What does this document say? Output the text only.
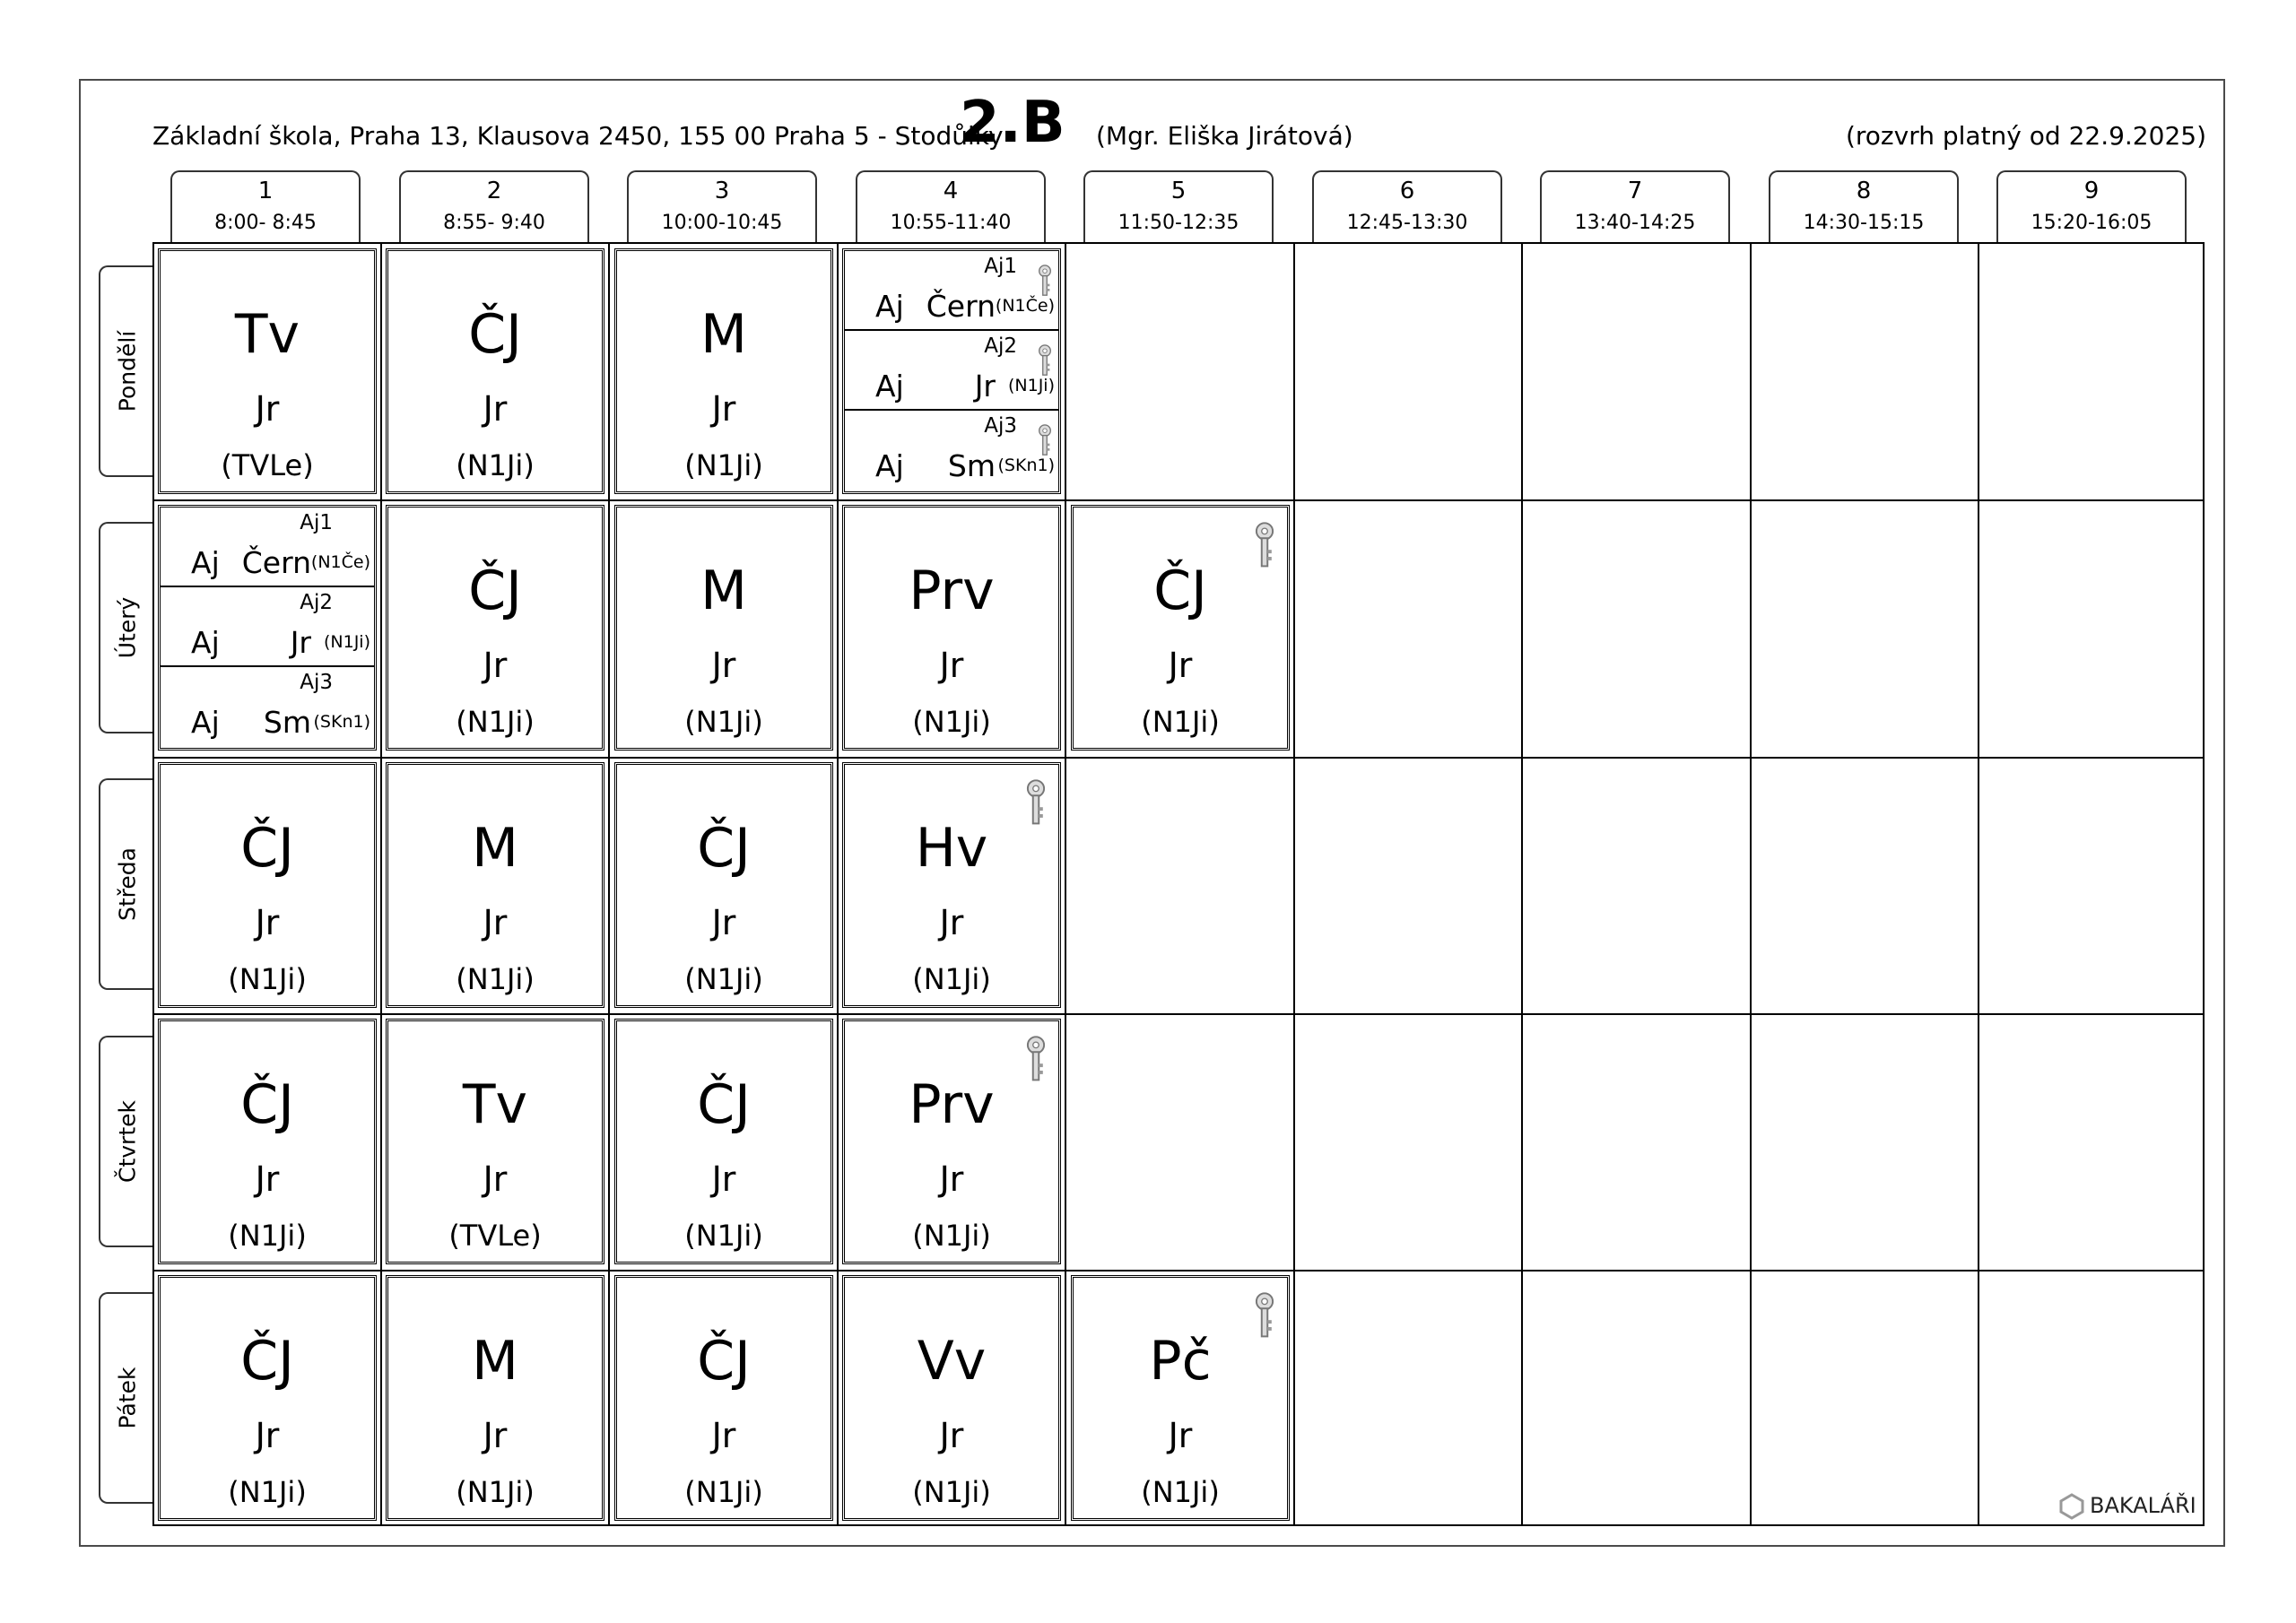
Základní škola, Praha 13, Klausova 2450, 155 00 Praha 5 - Stodůlky
2.B (Mgr. Eliška Jirátová)	(rozvrh platný od 22.9.2025)
1
8:00- 8:45
2
8:55- 9:40
3
10:00-10:45
4
10:55-11:40
5
11:50-12:35
6
12:45-13:30
7
13:40-14:25
8
14:30-15:15
9
15:20-16:05
Pondělí
Úterý
Středa
Čtvrtek
Pátek
Tv
Jr
(TVLe)
ČJ
Jr
(N1Ji)
M
Jr
(N1Ji)
Aj1
Aj Čern (N1Če)
Aj2
Aj Jr (N1Ji)
Aj3
Aj Sm (SKn1)
Aj1
Aj Čern (N1Če)
Aj2
Aj Jr (N1Ji)
Aj3
Aj Sm (SKn1)
ČJ
Jr
(N1Ji)
M
Jr
(N1Ji)
Prv
Jr
(N1Ji)
ČJ
Jr
(N1Ji)
ČJ
Jr
(N1Ji)
M
Jr
(N1Ji)
ČJ
Jr
(N1Ji)
Hv
Jr
(N1Ji)
ČJ
Jr
(N1Ji)
Tv
Jr
(TVLe)
ČJ
Jr
(N1Ji)
Prv
Jr
(N1Ji)
ČJ
Jr
(N1Ji)
M
Jr
(N1Ji)
ČJ
Jr
(N1Ji)
Vv
Jr
(N1Ji)
Pč
Jr
(N1Ji)	BAKALÁŘI
